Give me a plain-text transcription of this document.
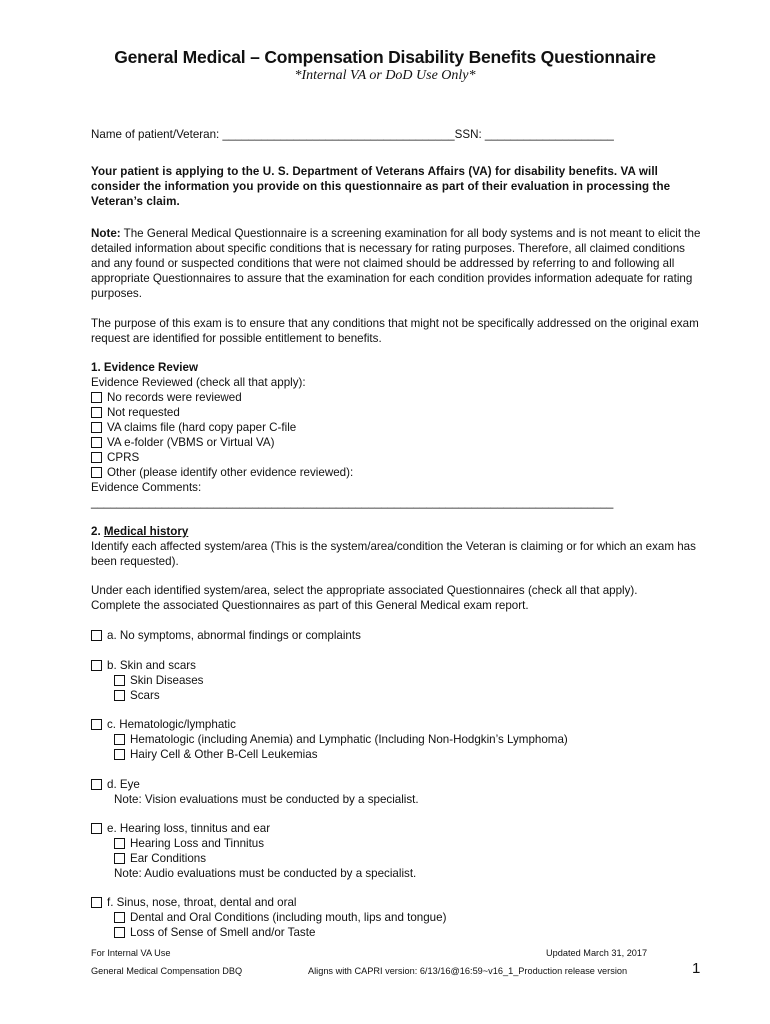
General Medical – Compensation Disability Benefits Questionnaire
*Internal VA or DoD Use Only*
Name of patient/Veteran: ____________________________________SSN: ____________________
Your patient is applying to the U. S. Department of Veterans Affairs (VA) for disability benefits. VA will consider the information you provide on this questionnaire as part of their evaluation in processing the Veteran’s claim.
Note: The General Medical Questionnaire is a screening examination for all body systems and is not meant to elicit the detailed information about specific conditions that is necessary for rating purposes. Therefore, all claimed conditions and any found or suspected conditions that were not claimed should be addressed by referring to and following all appropriate Questionnaires to assure that the examination for each condition provides information adequate for rating purposes.
The purpose of this exam is to ensure that any conditions that might not be specifically addressed on the original exam request are identified for possible entitlement to benefits.
1. Evidence Review
Evidence Reviewed (check all that apply):
No records were reviewed
Not requested
VA claims file (hard copy paper C-file
VA e-folder (VBMS or Virtual VA)
CPRS
Other (please identify other evidence reviewed):
Evidence Comments:
_________________________________________________________________________________
2. Medical history
Identify each affected system/area (This is the system/area/condition the Veteran is claiming or for which an exam has been requested).
Under each identified system/area, select the appropriate associated Questionnaires (check all that apply).
Complete the associated Questionnaires as part of this General Medical exam report.
a. No symptoms, abnormal findings or complaints
b. Skin and scars
Skin Diseases
Scars
c. Hematologic/lymphatic
Hematologic (including Anemia) and Lymphatic (Including Non-Hodgkin’s Lymphoma)
Hairy Cell & Other B-Cell Leukemias
d. Eye
Note: Vision evaluations must be conducted by a specialist.
e. Hearing loss, tinnitus and ear
Hearing Loss and Tinnitus
Ear Conditions
Note: Audio evaluations must be conducted by a specialist.
f. Sinus, nose, throat, dental and oral
Dental and Oral Conditions (including mouth, lips and tongue)
Loss of Sense of Smell and/or Taste
For Internal VA Use	Updated March 31, 2017
General Medical Compensation DBQ	Aligns with CAPRI version: 6/13/16@16:59~v16_1_Production release version	1
